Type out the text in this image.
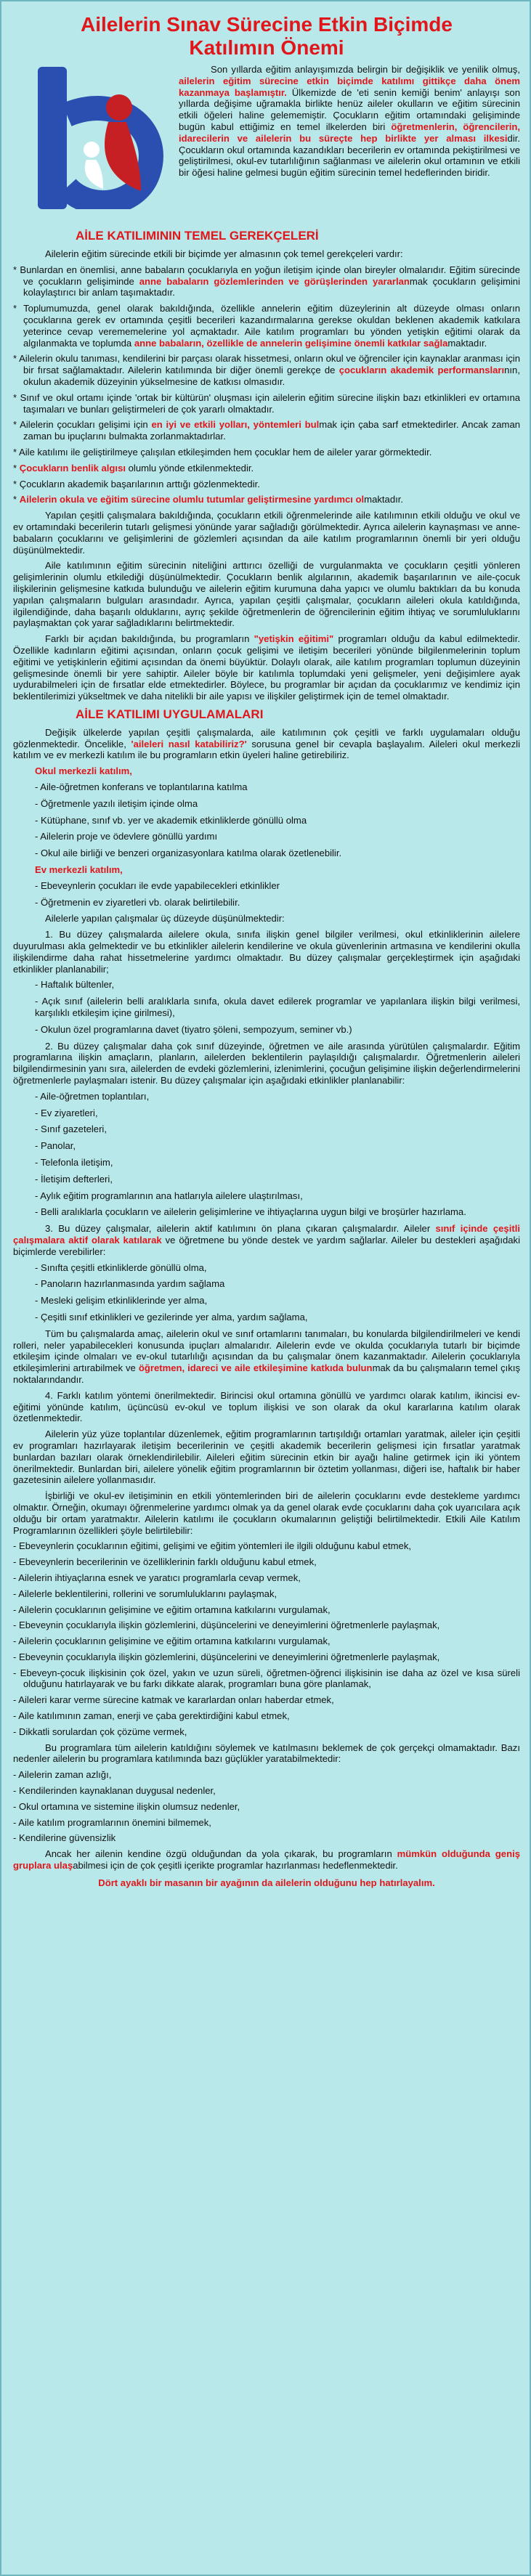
Ailelerin Sınav Sürecine Etkin Biçimde
Katılımın Önemi

Son yıllarda eğitim anlayışımızda belirgin bir değişiklik ve yenilik olmuş, ailelerin eğitim sürecine etkin biçimde katılımı gittikçe daha önem kazanmaya başlamıştır. Ülkemizde de 'eti senin kemiği benim' anlayışı son yıllarda değişime uğramakla birlikte henüz aileler okulların ve eğitim sürecinin etkili öğeleri haline gelememiştir. Çocukların eğitim ortamındaki gelişiminde bugün kabul ettiğimiz en temel ilkelerden biri öğretmenlerin, öğrencilerin, idarecilerin ve ailelerin bu süreçte hep birlikte yer alması ilkesidir. Çocukların okul ortamında kazandıkları becerilerin ev ortamında pekiştirilmesi ve geliştirilmesi, okul-ev tutarlılığının sağlanması ve ailelerin okul ortamının ve etkili bir öğesi haline gelmesi bugün eğitim sürecinin temel hedeflerinden biridir.

AİLE KATILIMININ TEMEL GEREKÇELERİ

Ailelerin eğitim sürecinde etkili bir biçimde yer almasının çok temel gerekçeleri vardır:

* Bunlardan en önemlisi, anne babaların çocuklarıyla en yoğun iletişim içinde olan bireyler olmalarıdır. Eğitim sürecinde ve çocukların gelişiminde anne babaların gözlemlerinden ve görüşlerinden yararlanmak çocukların gelişimini kolaylaştırıcı bir anlam taşımaktadır.

* Toplumumuzda, genel olarak bakıldığında, özellikle annelerin eğitim düzeylerinin alt düzeyde olması onların çocuklarına gerek ev ortamında çeşitli becerileri kazandırmalarına gerekse okuldan beklenen akademik katkılara yeterince cevap verememelerine yol açmaktadır. Aile katılım programları bu yönden yetişkin eğitimi olarak da algılanmakta ve toplumda anne babaların, özellikle de annelerin gelişimine önemli katkılar sağlamaktadır.

* Ailelerin okulu tanıması, kendilerini bir parçası olarak hissetmesi, onların okul ve öğrenciler için kaynaklar aranması için bir fırsat sağlamaktadır. Ailelerin katılımında bir diğer önemli gerekçe de çocukların akademik performanslarının, okulun akademik düzeyinin yükselmesine de katkısı olmasıdır.

* Sınıf ve okul ortamı içinde 'ortak bir kültürün' oluşması için ailelerin eğitim sürecine ilişkin bazı etkinlikleri ev ortamına taşımaları ve bunları geliştirmeleri de çok yararlı olmaktadır.

* Ailelerin çocukları gelişimi için en iyi ve etkili yolları, yöntemleri bulmak için çaba sarf etmektedirler. Ancak zaman zaman bu ipuçlarını bulmakta zorlanmaktadırlar.

* Aile katılımı ile geliştirilmeye çalışılan etkileşimden hem çocuklar hem de aileler yarar görmektedir.

* Çocukların benlik algısı olumlu yönde etkilenmektedir.

* Çocukların akademik başarılarının arttığı gözlenmektedir.

* Ailelerin okula ve eğitim sürecine olumlu tutumlar geliştirmesine yardımcı olmaktadır.

Yapılan çeşitli çalışmalara bakıldığında, çocukların etkili öğrenmelerinde aile katılımının etkili olduğu ve okul ve ev ortamındaki becerilerin tutarlı gelişmesi yönünde yarar sağladığı görülmektedir. Ayrıca ailelerin kaynaşması ve anne-babaların çocuklarını ve gelişimlerini de gözlemleri açısından da aile katılım programlarının önemli bir yeri olduğu düşünülmektedir.

Aile katılımının eğitim sürecinin niteliğini arttırıcı özelliği de vurgulanmakta ve çocukların çeşitli yönleren gelişimlerinin olumlu etkilediği düşünülmektedir. Çocukların benlik algılarının, akademik başarılarının ve aile-çocuk ilişkilerinin gelişmesine katkıda bulunduğu ve ailelerin eğitim kurumuna daha yapıcı ve olumlu baktıkları da bu konuda yapılan çalışmaların bulguları arasındadır. Ayrıca, yapılan çeşitli çalışmalar, çocukların aileleri okula katıldığında, ilgilendiğinde, daha başarılı olduklarını, ayrıç şekilde öğretmenlerin de öğrencilerinin eğitim ihtiyaç ve sorumluluklarını paylaşmaktan çok yarar sağladıklarını belirtmektedir.

Farklı bir açıdan bakıldığında, bu programların "yetişkin eğitimi" programları olduğu da kabul edilmektedir. Özellikle kadınların eğitimi açısından, onların çocuk gelişimi ve iletişim becerileri yönünde bilgilenmelerinin toplum eğitimi ve yetişkinlerin eğitimi açısından da önemi büyüktür. Dolaylı olarak, aile katılım programları toplumun düzeyinin gelişmesinde önemli bir yere sahiptir. Aileler böyle bir katılımla toplumdaki yeni gelişmeler, yeni değişimlere ayak uydurabilmeleri için de fırsatlar elde etmektedirler. Böylece, bu programlar bir açıdan da çocuklarımız ve kendimiz için beklentilerimizi yükseltmek ve daha nitelikli bir aile yapısı ve ilişkiler geliştirmek için de temel olmaktadır.

AİLE KATILIMI UYGULAMALARI

Değişik ülkelerde yapılan çeşitli çalışmalarda, aile katılımının çok çeşitli ve farklı uygulamaları olduğu gözlenmektedir. Öncelikle, 'aileleri nasıl katabiliriz?' sorusuna genel bir cevapla başlayalım. Aileleri okul merkezli katılım ve ev merkezli katılım ile bu programların etkin üyeleri haline getirebiliriz.

Okul merkezli katılım,

- Aile-öğretmen konferans ve toplantılarına katılma

- Öğretmenle yazılı iletişim içinde olma

- Kütüphane, sınıf vb. yer ve akademik etkinliklerde gönüllü olma

- Ailelerin proje ve ödevlere gönüllü yardımı

- Okul aile birliği ve benzeri organizasyonlara katılma olarak özetlenebilir.

Ev merkezli katılım,

- Ebeveynlerin çocukları ile evde yapabilecekleri etkinlikler

- Öğretmenin ev ziyaretleri vb. olarak belirtilebilir.

Ailelerle yapılan çalışmalar üç düzeyde düşünülmektedir:

1. Bu düzey çalışmalarda ailelere okula, sınıfa ilişkin genel bilgiler verilmesi, okul etkinliklerinin ailelere duyurulması akla gelmektedir ve bu etkinlikler ailelerin kendilerine ve okula güvenlerinin artmasına ve kendilerini okulla ilişkilendirme daha rahat hissetmelerine yardımcı olmaktadır. Bu düzey çalışmalar gerçekleştirmek için aşağıdaki etkinlikler planlanabilir;

- Haftalık bültenler,

- Açık sınıf (ailelerin belli aralıklarla sınıfa, okula davet edilerek programlar ve yapılanlara ilişkin bilgi verilmesi, karşılıklı etkileşim içine girilmesi),

- Okulun özel programlarına davet (tiyatro şöleni, sempozyum, seminer vb.)

2. Bu düzey çalışmalar daha çok sınıf düzeyinde, öğretmen ve aile arasında yürütülen çalışmalardır. Eğitim programlarına ilişkin amaçların, planların, ailelerden beklentilerin paylaşıldığı çalışmalardır. Öğretmenlerin aileleri bilgilendirmesinin yanı sıra, ailelerden de evdeki gözlemlerini, izlenimlerini, çocuğun gelişimine ilişkin değerlendirmelerini öğretmenlerle paylaşmaları istenir. Bu düzey çalışmalar için aşağıdaki etkinlikler planlanabilir:

- Aile-öğretmen toplantıları,

- Ev ziyaretleri,

- Sınıf gazeteleri,

- Panolar,

- Telefonla iletişim,

- İletişim defterleri,

- Aylık eğitim programlarının ana hatlarıyla ailelere ulaştırılması,

- Belli aralıklarla çocukların ve ailelerin gelişimlerine ve ihtiyaçlarına uygun bilgi ve broşürler hazırlama.

3. Bu düzey çalışmalar, ailelerin aktif katılımını ön plana çıkaran çalışmalardır. Aileler sınıf içinde çeşitli çalışmalara aktif olarak katılarak ve öğretmene bu yönde destek ve yardım sağlarlar. Aileler bu destekleri aşağıdaki biçimlerde verebilirler:

- Sınıfta çeşitli etkinliklerde gönüllü olma,

- Panoların hazırlanmasında yardım sağlama

- Mesleki gelişim etkinliklerinde yer alma,

- Çeşitli sınıf etkinlikleri ve gezilerinde yer alma, yardım sağlama,

Tüm bu çalışmalarda amaç, ailelerin okul ve sınıf ortamlarını tanımaları, bu konularda bilgilendirilmeleri ve kendi rolleri, neler yapabilecekleri konusunda ipuçları almalarıdır. Ailelerin evde ve okulda çocuklarıyla tutarlı bir biçimde etkileşim içinde olmaları ve ev-okul tutarlılığı açısından da bu çalışmalar önem kazanmaktadır. Ailelerin çocuklarıyla etkileşimlerini artırabilmek ve öğretmen, idareci ve aile etkileşimine katkıda bulunmak da bu çalışmaların temel çıkış noktalarındandır.

4. Farklı katılım yöntemi önerilmektedir. Birincisi okul ortamına gönüllü ve yardımcı olarak katılım, ikincisi ev-eğitimi yönünde katılım, üçüncüsü ev-okul ve toplum ilişkisi ve son olarak da okul kararlarına katılım olarak özetlenmektedir.

Ailelerin yüz yüze toplantılar düzenlemek, eğitim programlarının tartışıldığı ortamları yaratmak, aileler için çeşitli ev programları hazırlayarak iletişim becerilerinin ve çeşitli akademik becerilerin gelişmesi için fırsatlar yaratmak bunlardan bazıları olarak örneklendirilebilir. Aileleri eğitim sürecinin etkin bir ayağı haline getirmek için iki yöntem önerilmektedir. Bunlardan biri, ailelere yönelik eğitim programlarının bir öztetim yollanması, diğeri ise, haftalık bir haber gazetesinin ailelere yollanmasıdır.

İşbirliği ve okul-ev iletişiminin en etkili yöntemlerinden biri de ailelerin çocuklarını evde destekleme yardımcı olmaktır. Örneğin, okumayı öğrenmelerine yardımcı olmak ya da genel olarak evde çocuklarını daha çok uyarıcılara açık olduğu bir ortam yaratmaktır. Ailelerin katılımı ile çocukların okumalarının geliştiği belirtilmektedir. Etkili Aile Katılım Programlarının özellikleri şöyle belirtilebilir:

- Ebeveynlerin çocuklarının eğitimi, gelişimi ve eğitim yöntemleri ile ilgili olduğunu kabul etmek,

- Ebeveynlerin becerilerinin ve özelliklerinin farklı olduğunu kabul etmek,

- Ailelerin ihtiyaçlarına esnek ve yaratıcı programlarla cevap vermek,

- Ailelerle beklentilerini, rollerini ve sorumluluklarını paylaşmak,

- Ailelerin çocuklarının gelişimine ve eğitim ortamına katkılarını vurgulamak,

- Ebeveynin çocuklarıyla ilişkin gözlemlerini, düşüncelerini ve deneyimlerini öğretmenlerle paylaşmak,

- Ailelerin çocuklarının gelişimine ve eğitim ortamına katkılarını vurgulamak,

- Ebeveynin çocuklarıyla ilişkin gözlemlerini, düşüncelerini ve deneyimlerini öğretmenlerle paylaşmak,

- Ebeveyn-çocuk ilişkisinin çok özel, yakın ve uzun süreli, öğretmen-öğrenci ilişkisinin ise daha az özel ve kısa süreli olduğunu hatırlayarak ve bu farkı dikkate alarak, programları buna göre planlamak,

- Aileleri karar verme sürecine katmak ve kararlardan onları haberdar etmek,

- Aile katılımının zaman, enerji ve çaba gerektirdiğini kabul etmek,

- Dikkatli sorulardan çok çözüme vermek,

Bu programlara tüm ailelerin katıldığını söylemek ve katılmasını beklemek de çok gerçekçi olmamaktadır. Bazı nedenler ailelerin bu programlara katılımında bazı güçlükler yaratabilmektedir:

- Ailelerin zaman azlığı,

- Kendilerinden kaynaklanan duygusal nedenler,

- Okul ortamına ve sistemine ilişkin olumsuz nedenler,

- Aile katılım programlarının önemini bilmemek,

- Kendilerine güvensizlik

Ancak her ailenin kendine özgü olduğundan da yola çıkarak, bu programların mümkün olduğunda geniş gruplara ulaşabilmesi için de çok çeşitli içerikte programlar hazırlanması hedeflenmektedir.

Dört ayaklı bir masanın bir ayağının da ailelerin olduğunu hep hatırlayalım.
